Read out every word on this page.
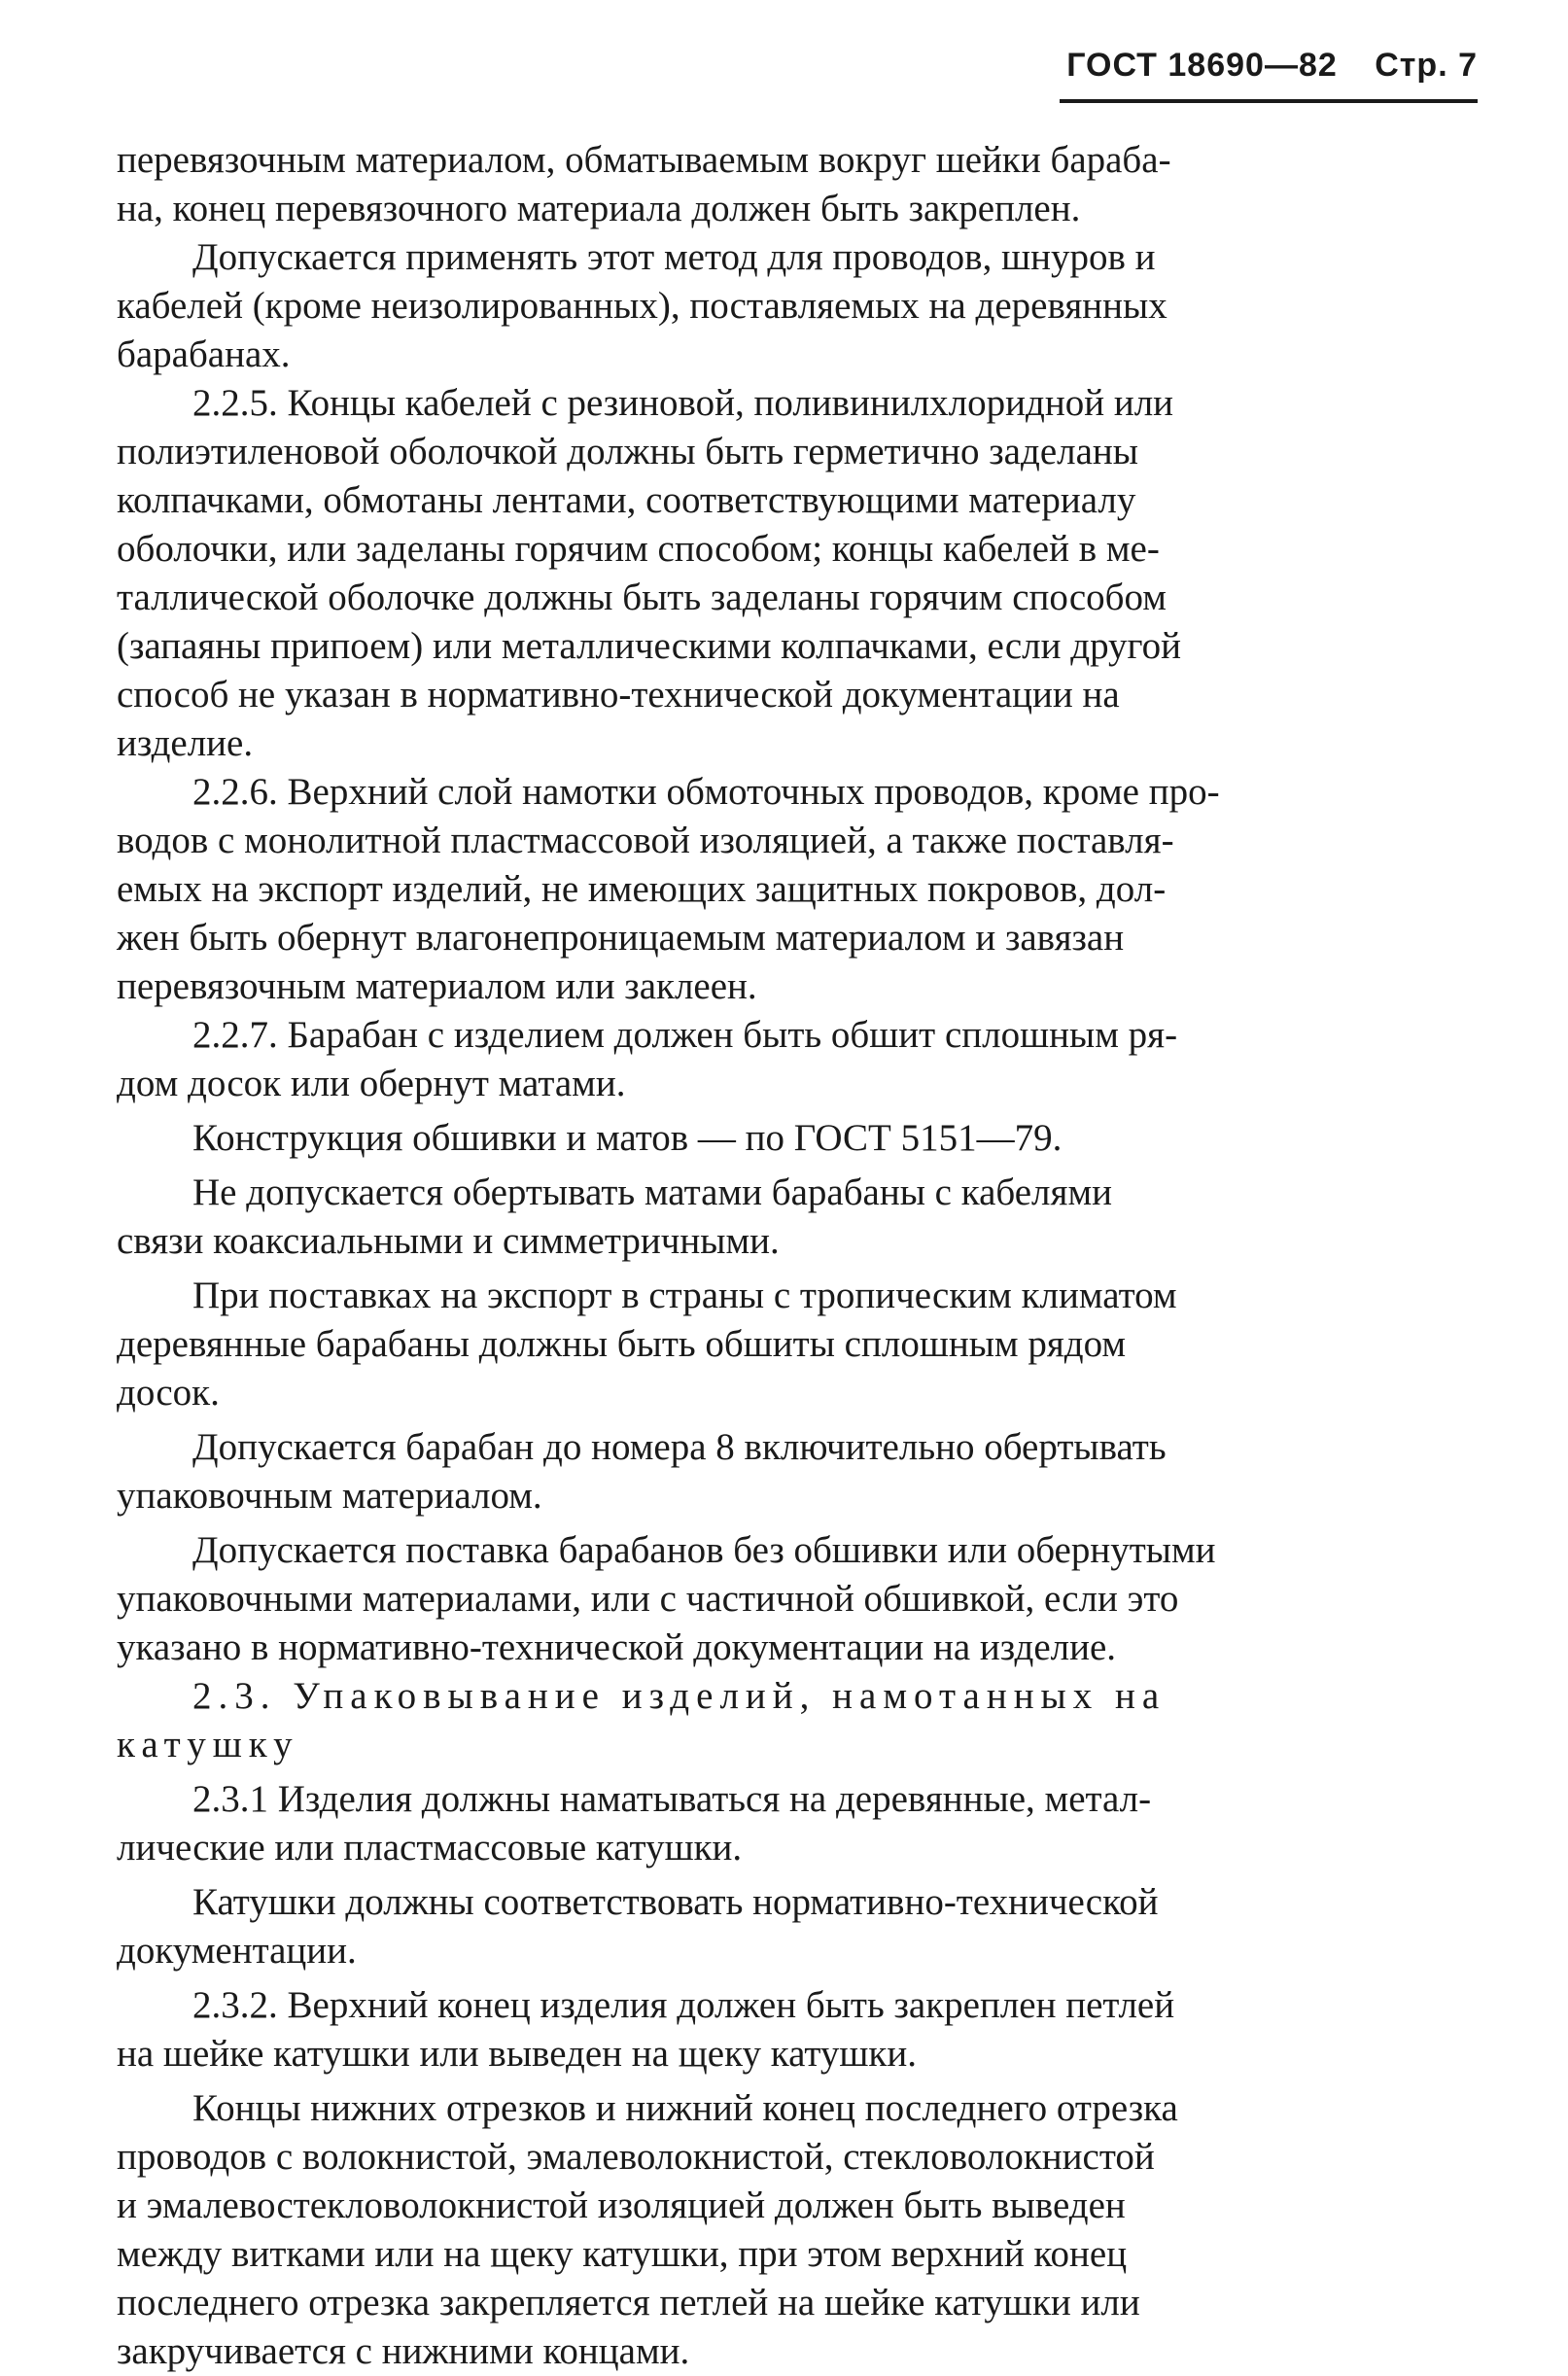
ГОСТ 18690—82 Стр. 7
перевязочным материалом, обматываемым вокруг шейки бараба-
на, конец перевязочного материала должен быть закреплен.
Допускается применять этот метод для проводов, шнуров и
кабелей (кроме неизолированных), поставляемых на деревянных
барабанах.
2.2.5. Концы кабелей с резиновой, поливинилхлоридной или
полиэтиленовой оболочкой должны быть герметично заделаны
колпачками, обмотаны лентами, соответствующими материалу
оболочки, или заделаны горячим способом; концы кабелей в ме-
таллической оболочке должны быть заделаны горячим способом
(запаяны припоем) или металлическими колпачками, если другой
способ не указан в нормативно-технической документации на
изделие.
2.2.6. Верхний слой намотки обмоточных проводов, кроме про-
водов с монолитной пластмассовой изоляцией, а также поставля-
емых на экспорт изделий, не имеющих защитных покровов, дол-
жен быть обернут влагонепроницаемым материалом и завязан
перевязочным материалом или заклеен.
2.2.7. Барабан с изделием должен быть обшит сплошным ря-
дом досок или обернут матами.
Конструкция обшивки и матов — по ГОСТ 5151—79.
Не допускается обертывать матами барабаны с кабелями
связи коаксиальными и симметричными.
При поставках на экспорт в страны с тропическим климатом
деревянные барабаны должны быть обшиты сплошным рядом
досок.
Допускается барабан до номера 8 включительно обертывать
упаковочным материалом.
Допускается поставка барабанов без обшивки или обернутыми
упаковочными материалами, или с частичной обшивкой, если это
указано в нормативно-технической документации на изделие.
2.3. Упаковывание изделий, намотанных на
катушку
2.3.1 Изделия должны наматываться на деревянные, метал-
лические или пластмассовые катушки.
Катушки должны соответствовать нормативно-технической
документации.
2.3.2. Верхний конец изделия должен быть закреплен петлей
на шейке катушки или выведен на щеку катушки.
Концы нижних отрезков и нижний конец последнего отрезка
проводов с волокнистой, эмалеволокнистой, стекловолокнистой
и эмалевостекловолокнистой изоляцией должен быть выведен
между витками или на щеку катушки, при этом верхний конец
последнего отрезка закрепляется петлей на шейке катушки или
закручивается с нижними концами.
